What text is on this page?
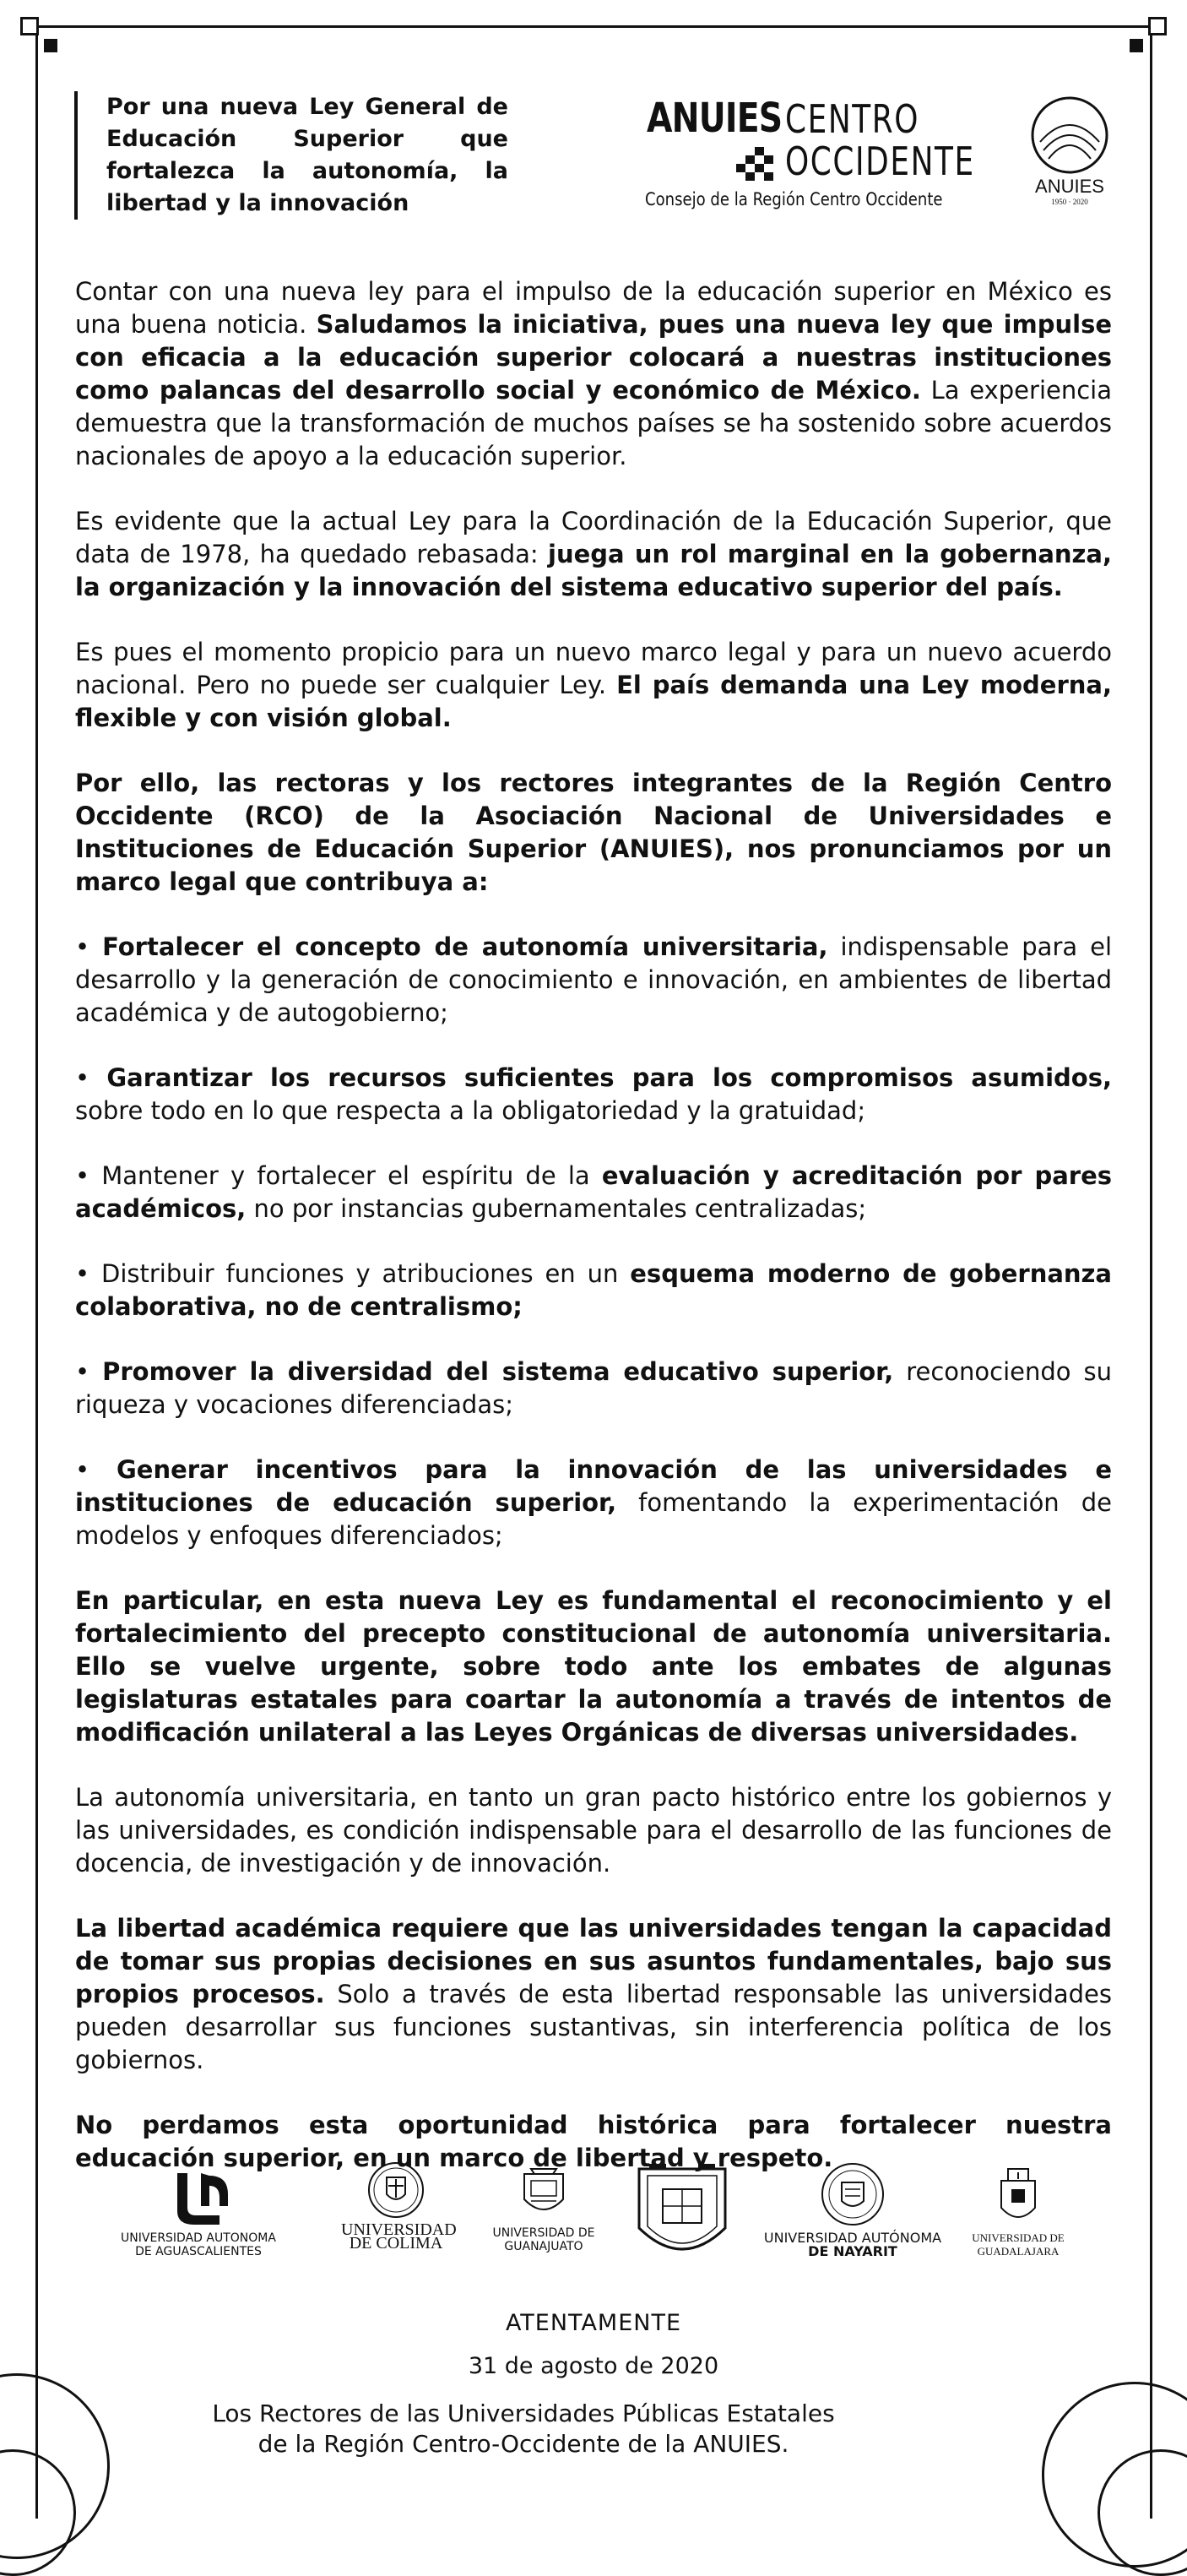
Por una nueva Ley General de Educación Superior que fortalezca la autonomía, la libertad y la innovación
ANUIES CENTRO
OCCIDENTE
Consejo de la Región Centro Occidente
ANUIES
1950 · 2020

Contar con una nueva ley para el impulso de la educación superior en México es una buena noticia. Saludamos la iniciativa, pues una nueva ley que impulse con eficacia a la educación superior colocará a nuestras instituciones como palancas del desarrollo social y económico de México. La experiencia demuestra que la transformación de muchos países se ha sostenido sobre acuerdos nacionales de apoyo a la educación superior.

Es evidente que la actual Ley para la Coordinación de la Educación Superior, que data de 1978, ha quedado rebasada: juega un rol marginal en la gobernanza, la organización y la innovación del sistema educativo superior del país.

Es pues el momento propicio para un nuevo marco legal y para un nuevo acuerdo nacional. Pero no puede ser cualquier Ley. El país demanda una Ley moderna, flexible y con visión global.

Por ello, las rectoras y los rectores integrantes de la Región Centro Occidente (RCO) de la Asociación Nacional de Universidades e Instituciones de Educación Superior (ANUIES), nos pronunciamos por un marco legal que contribuya a:

• Fortalecer el concepto de autonomía universitaria, indispensable para el desarrollo y la generación de conocimiento e innovación, en ambientes de libertad académica y de autogobierno;

• Garantizar los recursos suficientes para los compromisos asumidos, sobre todo en lo que respecta a la obligatoriedad y la gratuidad;

• Mantener y fortalecer el espíritu de la evaluación y acreditación por pares académicos, no por instancias gubernamentales centralizadas;

• Distribuir funciones y atribuciones en un esquema moderno de gobernanza colaborativa, no de centralismo;

• Promover la diversidad del sistema educativo superior, reconociendo su riqueza y vocaciones diferenciadas;

• Generar incentivos para la innovación de las universidades e instituciones de educación superior, fomentando la experimentación de modelos y enfoques diferenciados;

En particular, en esta nueva Ley es fundamental el reconocimiento y el fortalecimiento del precepto constitucional de autonomía universitaria. Ello se vuelve urgente, sobre todo ante los embates de algunas legislaturas estatales para coartar la autonomía a través de intentos de modificación unilateral a las Leyes Orgánicas de diversas universidades.

La autonomía universitaria, en tanto un gran pacto histórico entre los gobiernos y las universidades, es condición indispensable para el desarrollo de las funciones de docencia, de investigación y de innovación.

La libertad académica requiere que las universidades tengan la capacidad de tomar sus propias decisiones en sus asuntos fundamentales, bajo sus propios procesos. Solo a través de esta libertad responsable las universidades pueden desarrollar sus funciones sustantivas, sin interferencia política de los gobiernos.

No perdamos esta oportunidad histórica para fortalecer nuestra educación superior, en un marco de libertad y respeto.

UNIVERSIDAD AUTONOMA
DE AGUASCALIENTES
UNIVERSIDAD
DE COLIMA
UNIVERSIDAD DE
GUANAJUATO
UNIVERSIDAD AUTÓNOMA
DE NAYARIT
UNIVERSIDAD DE
GUADALAJARA
ATENTAMENTE
31 de agosto de 2020
Los Rectores de las Universidades Públicas Estatales de la Región Centro-Occidente de la ANUIES.
